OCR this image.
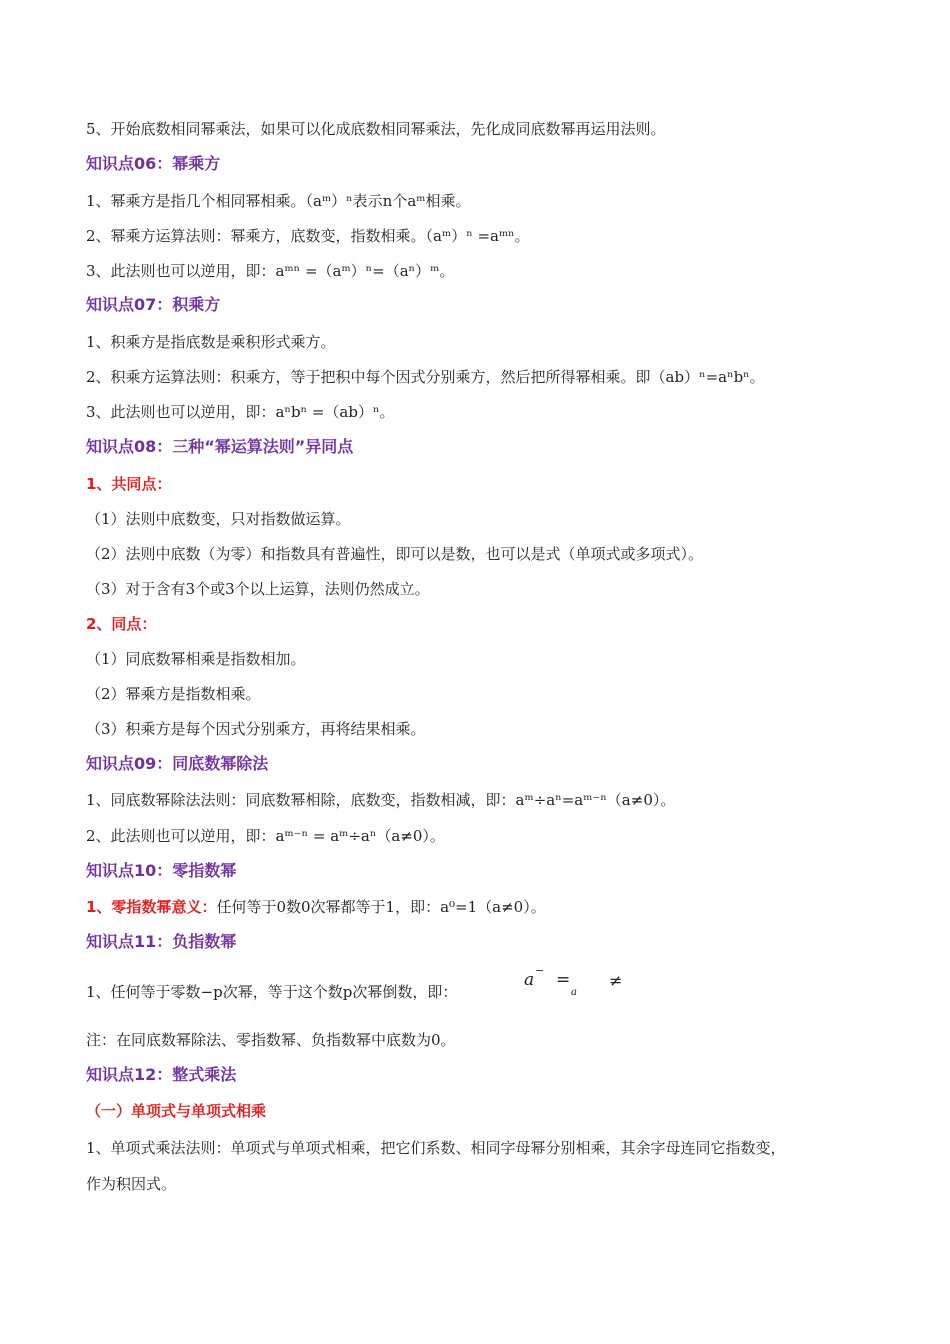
5、开始底数相同幂乘法，如果可以化成底数相同幂乘法，先化成同底数幂再运用法则。
知识点06：幂乘方
1、幂乘方是指几个相同幂相乘。（aᵐ）ⁿ表示n个aᵐ相乘。
2、幂乘方运算法则：幂乘方，底数变，指数相乘。（aᵐ）ⁿ =aᵐⁿ。
3、此法则也可以逆用，即：aᵐⁿ =（aᵐ）ⁿ=（aⁿ）ᵐ。
知识点07：积乘方
1、积乘方是指底数是乘积形式乘方。
2、积乘方运算法则：积乘方，等于把积中每个因式分别乘方，然后把所得幂相乘。即（ab）ⁿ=aⁿbⁿ。
3、此法则也可以逆用，即：aⁿbⁿ =（ab）ⁿ。
知识点08：三种“幂运算法则”异同点
1、共同点：
（1）法则中底数变，只对指数做运算。
（2）法则中底数（为零）和指数具有普遍性，即可以是数，也可以是式（单项式或多项式）。
（3）对于含有3个或3个以上运算，法则仍然成立。
2、同点：
（1）同底数幂相乘是指数相加。
（2）幂乘方是指数相乘。
（3）积乘方是每个因式分别乘方，再将结果相乘。
知识点09：同底数幂除法
1、同底数幂除法法则：同底数幂相除，底数变，指数相减，即：aᵐ÷aⁿ=aᵐ⁻ⁿ（a≠0）。
2、此法则也可以逆用，即：aᵐ⁻ⁿ = aᵐ÷aⁿ（a≠0）。
知识点10：零指数幂
1、零指数幂意义：任何等于0数0次幂都等于1，即：a⁰=1（a≠0）。
知识点11：负指数幂
1、任何等于零数−p次幂，等于这个数p次幂倒数，即：
a − =
a
≠
注：在同底数幂除法、零指数幂、负指数幂中底数为0。
知识点12：整式乘法
（一）单项式与单项式相乘
1、单项式乘法法则：单项式与单项式相乘，把它们系数、相同字母幂分别相乘，其余字母连同它指数变，
作为积因式。
